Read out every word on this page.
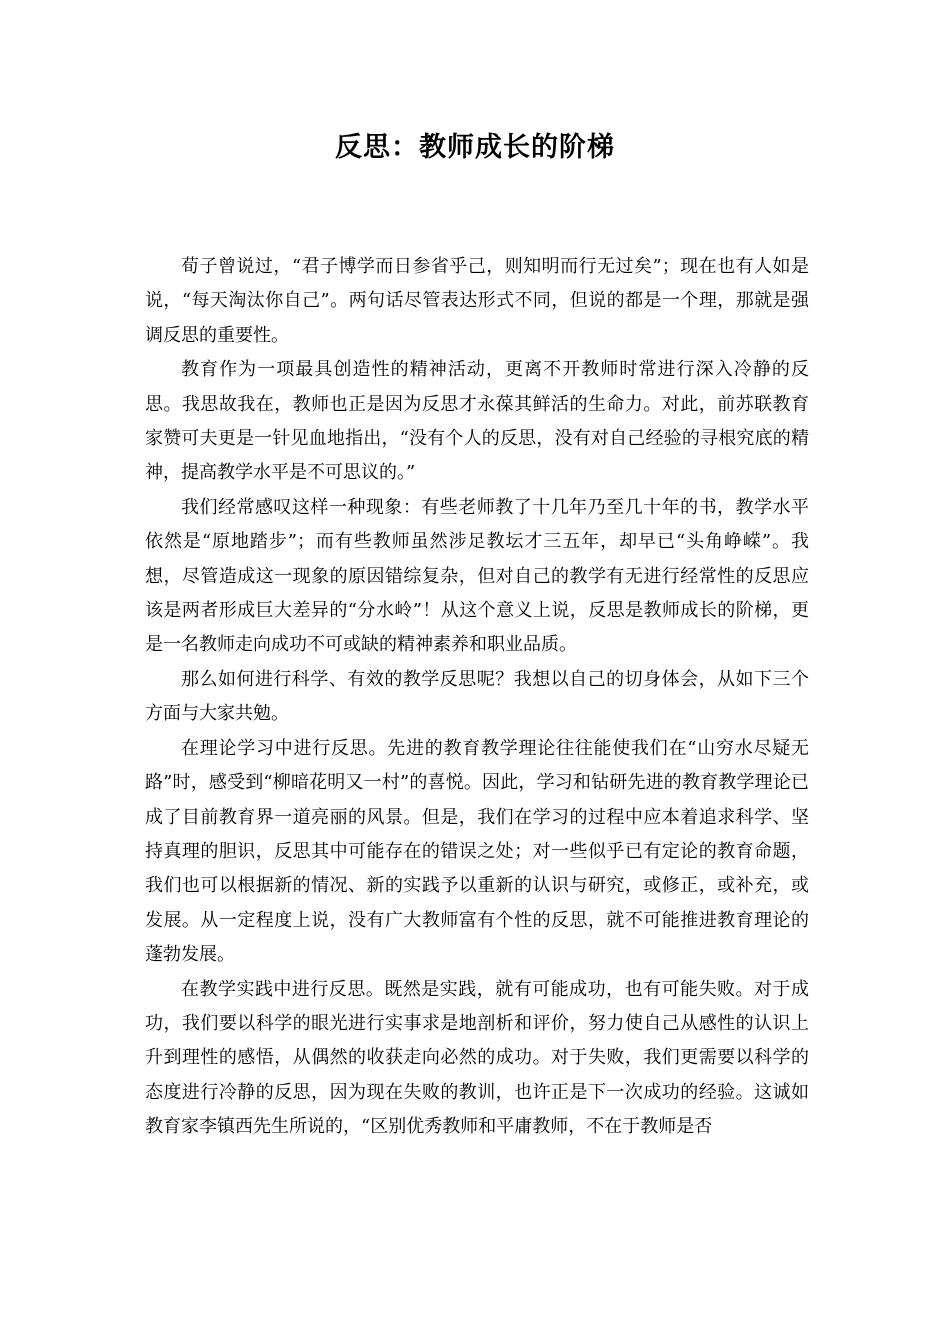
反思：教师成长的阶梯

荀子曾说过，“君子博学而日参省乎己，则知明而行无过矣”；现在也有人如是说，“每天淘汰你自己”。两句话尽管表达形式不同，但说的都是一个理，那就是强调反思的重要性。

教育作为一项最具创造性的精神活动，更离不开教师时常进行深入冷静的反思。我思故我在，教师也正是因为反思才永葆其鲜活的生命力。对此，前苏联教育家赞可夫更是一针见血地指出，“没有个人的反思，没有对自己经验的寻根究底的精神，提高教学水平是不可思议的。”

我们经常感叹这样一种现象：有些老师教了十几年乃至几十年的书，教学水平依然是“原地踏步”；而有些教师虽然涉足教坛才三五年，却早已“头角峥嵘”。我想，尽管造成这一现象的原因错综复杂，但对自己的教学有无进行经常性的反思应该是两者形成巨大差异的“分水岭”！从这个意义上说，反思是教师成长的阶梯，更是一名教师走向成功不可或缺的精神素养和职业品质。

那么如何进行科学、有效的教学反思呢？我想以自己的切身体会，从如下三个方面与大家共勉。

在理论学习中进行反思。先进的教育教学理论往往能使我们在“山穷水尽疑无路”时，感受到“柳暗花明又一村”的喜悦。因此，学习和钻研先进的教育教学理论已成了目前教育界一道亮丽的风景。但是，我们在学习的过程中应本着追求科学、坚持真理的胆识，反思其中可能存在的错误之处；对一些似乎已有定论的教育命题，我们也可以根据新的情况、新的实践予以重新的认识与研究，或修正，或补充，或发展。从一定程度上说，没有广大教师富有个性的反思，就不可能推进教育理论的蓬勃发展。

在教学实践中进行反思。既然是实践，就有可能成功，也有可能失败。对于成功，我们要以科学的眼光进行实事求是地剖析和评价，努力使自己从感性的认识上升到理性的感悟，从偶然的收获走向必然的成功。对于失败，我们更需要以科学的态度进行冷静的反思，因为现在失败的教训，也许正是下一次成功的经验。这诚如教育家李镇西先生所说的，“区别优秀教师和平庸教师，不在于教师是否
